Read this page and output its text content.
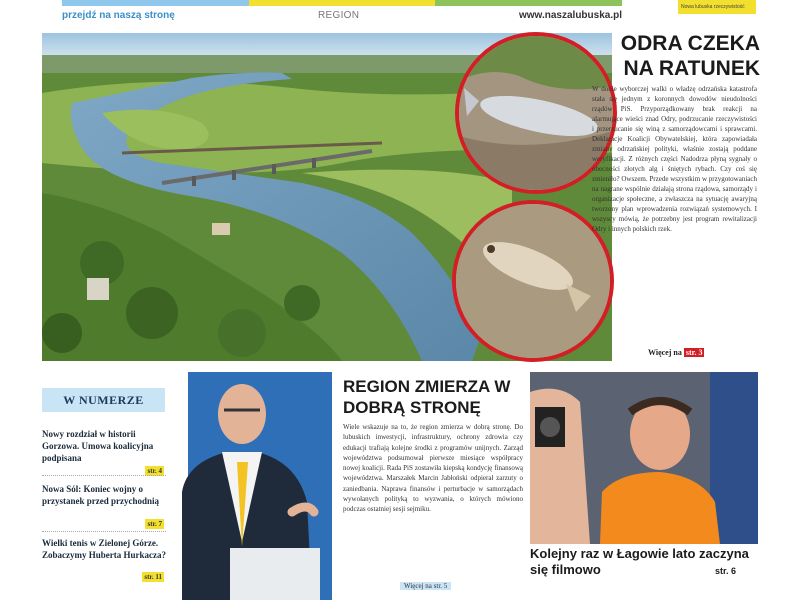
Nowa lubuska rzeczywistość
przejdź na naszą stronę	REGION	www.naszalubuska.pl
ODRA CZEKA
NA RATUNEK
W dobie wyborczej walki o władzę odrzańska katastrofa stała się jednym z koronnych dowodów nieudolności rządów PiS. Przyporządkowany brak reakcji na alarmujące wieści znad Odry, podrzucanie rzeczywistości i przerzucanie się winą z samorządowcami i sprawcami. Deklaracje Koalicji Obywatelskiej, która zapowiadała zmiany odrzańskiej polityki, właśnie zostają poddane weryfikacji. Z różnych części Nadodrza płyną sygnały o obecności złotych alg i śniętych rybach. Czy coś się zmieniło? Owszem. Przede wszystkim w przygotowaniach na nagrane wspólnie działają strona rządowa, samorządy i organizacje społeczne, a zwłaszcza na sytuację awaryjną tworzony plan wprowadzenia rozwiązań systemowych. I wszyscy mówią, że potrzebny jest program rewitalizacji Odry i innych polskich rzek.
Więcej na str. 3
W NUMERZE
Nowy rozdział w historii Gorzowa. Umowa koalicyjna podpisana
str. 4
Nowa Sól: Koniec wojny o przystanek przed przychodnią
str. 7
Wielki tenis w Zielonej Górze. Zobaczymy Huberta Hurkacza?
str. 11
REGION ZMIERZA W DOBRĄ STRONĘ
Wiele wskazuje na to, że region zmierza w dobrą stronę. Do lubuskich inwestycji, infrastruktury, ochrony zdrowia czy edukacji trafiają kolejne środki z programów unijnych. Zarząd województwa podsumował pierwsze miesiące współpracy nowej koalicji. Rada PiS zostawiła kiepską kondycję finansową województwa. Marszałek Marcin Jabłoński odpierał zarzuty o zaniedbania. Naprawa finansów i perturbacje w samorządach wywołanych polityką to wyzwania, o których mówiono podczas ostatniej sesji sejmiku.
Więcej na str. 5
Kolejny raz w Łagowie lato zaczyna się filmowo	str. 6
